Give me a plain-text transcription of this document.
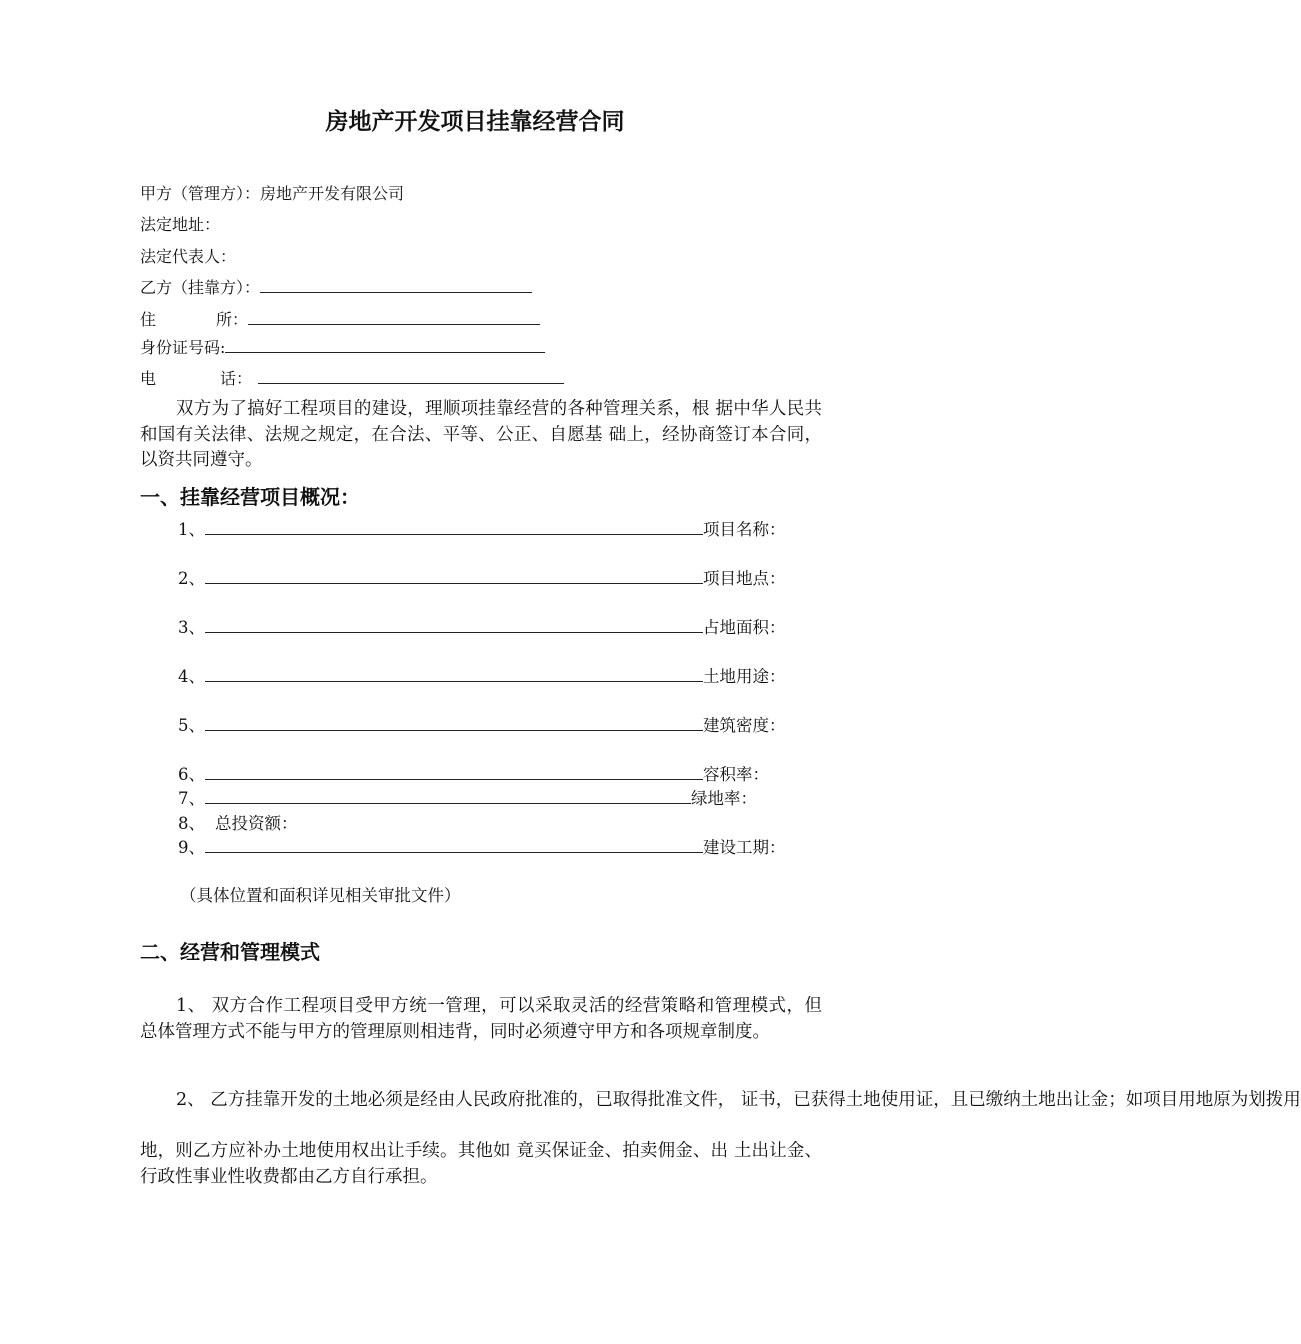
房地产开发项目挂靠经营合同
甲方（管理方）：房地产开发有限公司
法定地址：
法定代表人：
乙方（挂靠方）：
住	所：
身份证号码:
电	话：
双方为了搞好工程项目的建设，理顺项挂靠经营的各种管理关系，根 据中华人民共和国有关法律、法规之规定，在合法、平等、公正、自愿基 础上，经协商签订本合同，以资共同遵守。
一、挂靠经营项目概况：
1、	项目名称：
2、	项目地点：
3、	占地面积：
4、	土地用途：
5、	建筑密度：
6、	容积率：
7、	绿地率：
8、 总投资额：
9、	建设工期：
（具体位置和面积详见相关审批文件）
二、经营和管理模式
1、 双方合作工程项目受甲方统一管理，可以采取灵活的经营策略和管理模式，但总体管理方式不能与甲方的管理原则相违背，同时必须遵守甲方和各项规章制度。
2、 乙方挂靠开发的土地必须是经由人民政府批准的，已取得批准文件， 证书，已获得土地使用证，且已缴纳土地出让金；如项目用地原为划拨用
地，则乙方应补办土地使用权出让手续。其他如 竟买保证金、拍卖佣金、出 土出让金、行政性事业性收费都由乙方自行承担。
